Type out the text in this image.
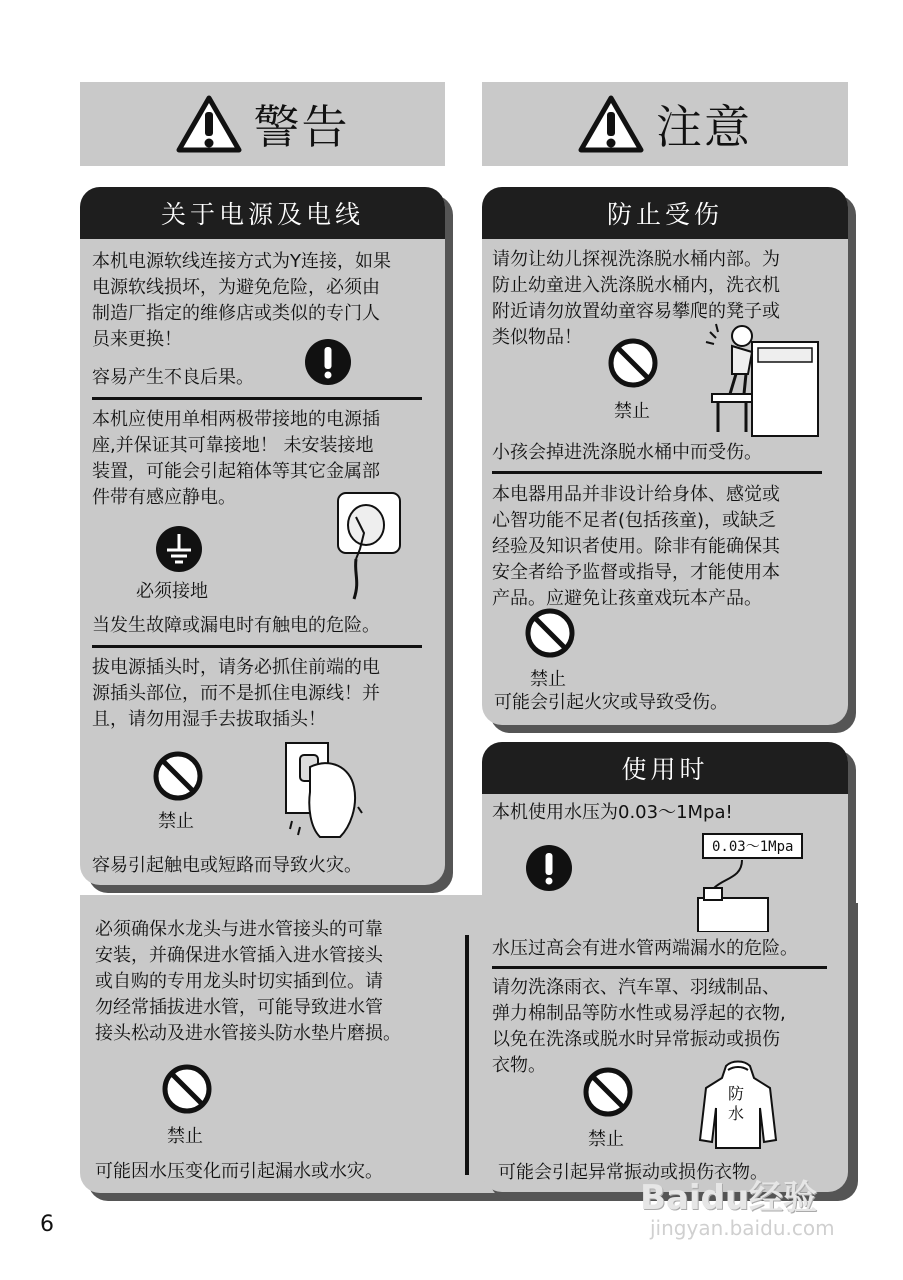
警告	注意
关于电源及电线
本机电源软线连接方式为Y连接，如果
电源软线损坏，为避免危险，必须由
制造厂指定的维修店或类似的专门人
员来更换！
容易产生不良后果。
本机应使用单相两极带接地的电源插
座,并保证其可靠接地！ 未安装接地
装置，可能会引起箱体等其它金属部
件带有感应静电。
必须接地
当发生故障或漏电时有触电的危险。
拔电源插头时，请务必抓住前端的电
源插头部位，而不是抓住电源线！并
且，请勿用湿手去拔取插头！
禁止
容易引起触电或短路而导致火灾。
防止受伤
请勿让幼儿探视洗涤脱水桶内部。为
防止幼童进入洗涤脱水桶内，洗衣机
附近请勿放置幼童容易攀爬的凳子或
类似物品！
禁止
小孩会掉进洗涤脱水桶中而受伤。
本电器用品并非设计给身体、感觉或
心智功能不足者(包括孩童)，或缺乏
经验及知识者使用。除非有能确保其
安全者给予监督或指导，才能使用本
产品。应避免让孩童戏玩本产品。
禁止
可能会引起火灾或导致受伤。
使用时
本机使用水压为0.03～1Mpa!
0.03～1Mpa
水压过高会有进水管两端漏水的危险。
请勿洗涤雨衣、汽车罩、羽绒制品、
弹力棉制品等防水性或易浮起的衣物,
以免在洗涤或脱水时异常振动或损伤
衣物。
禁止
防水
可能会引起异常振动或损伤衣物。
必须确保水龙头与进水管接头的可靠
安装，并确保进水管插入进水管接头
或自购的专用龙头时切实插到位。请
勿经常插拔进水管，可能导致进水管
接头松动及进水管接头防水垫片磨损。
禁止
可能因水压变化而引起漏水或水灾。
6
Baidu经验
jingyan.baidu.com
